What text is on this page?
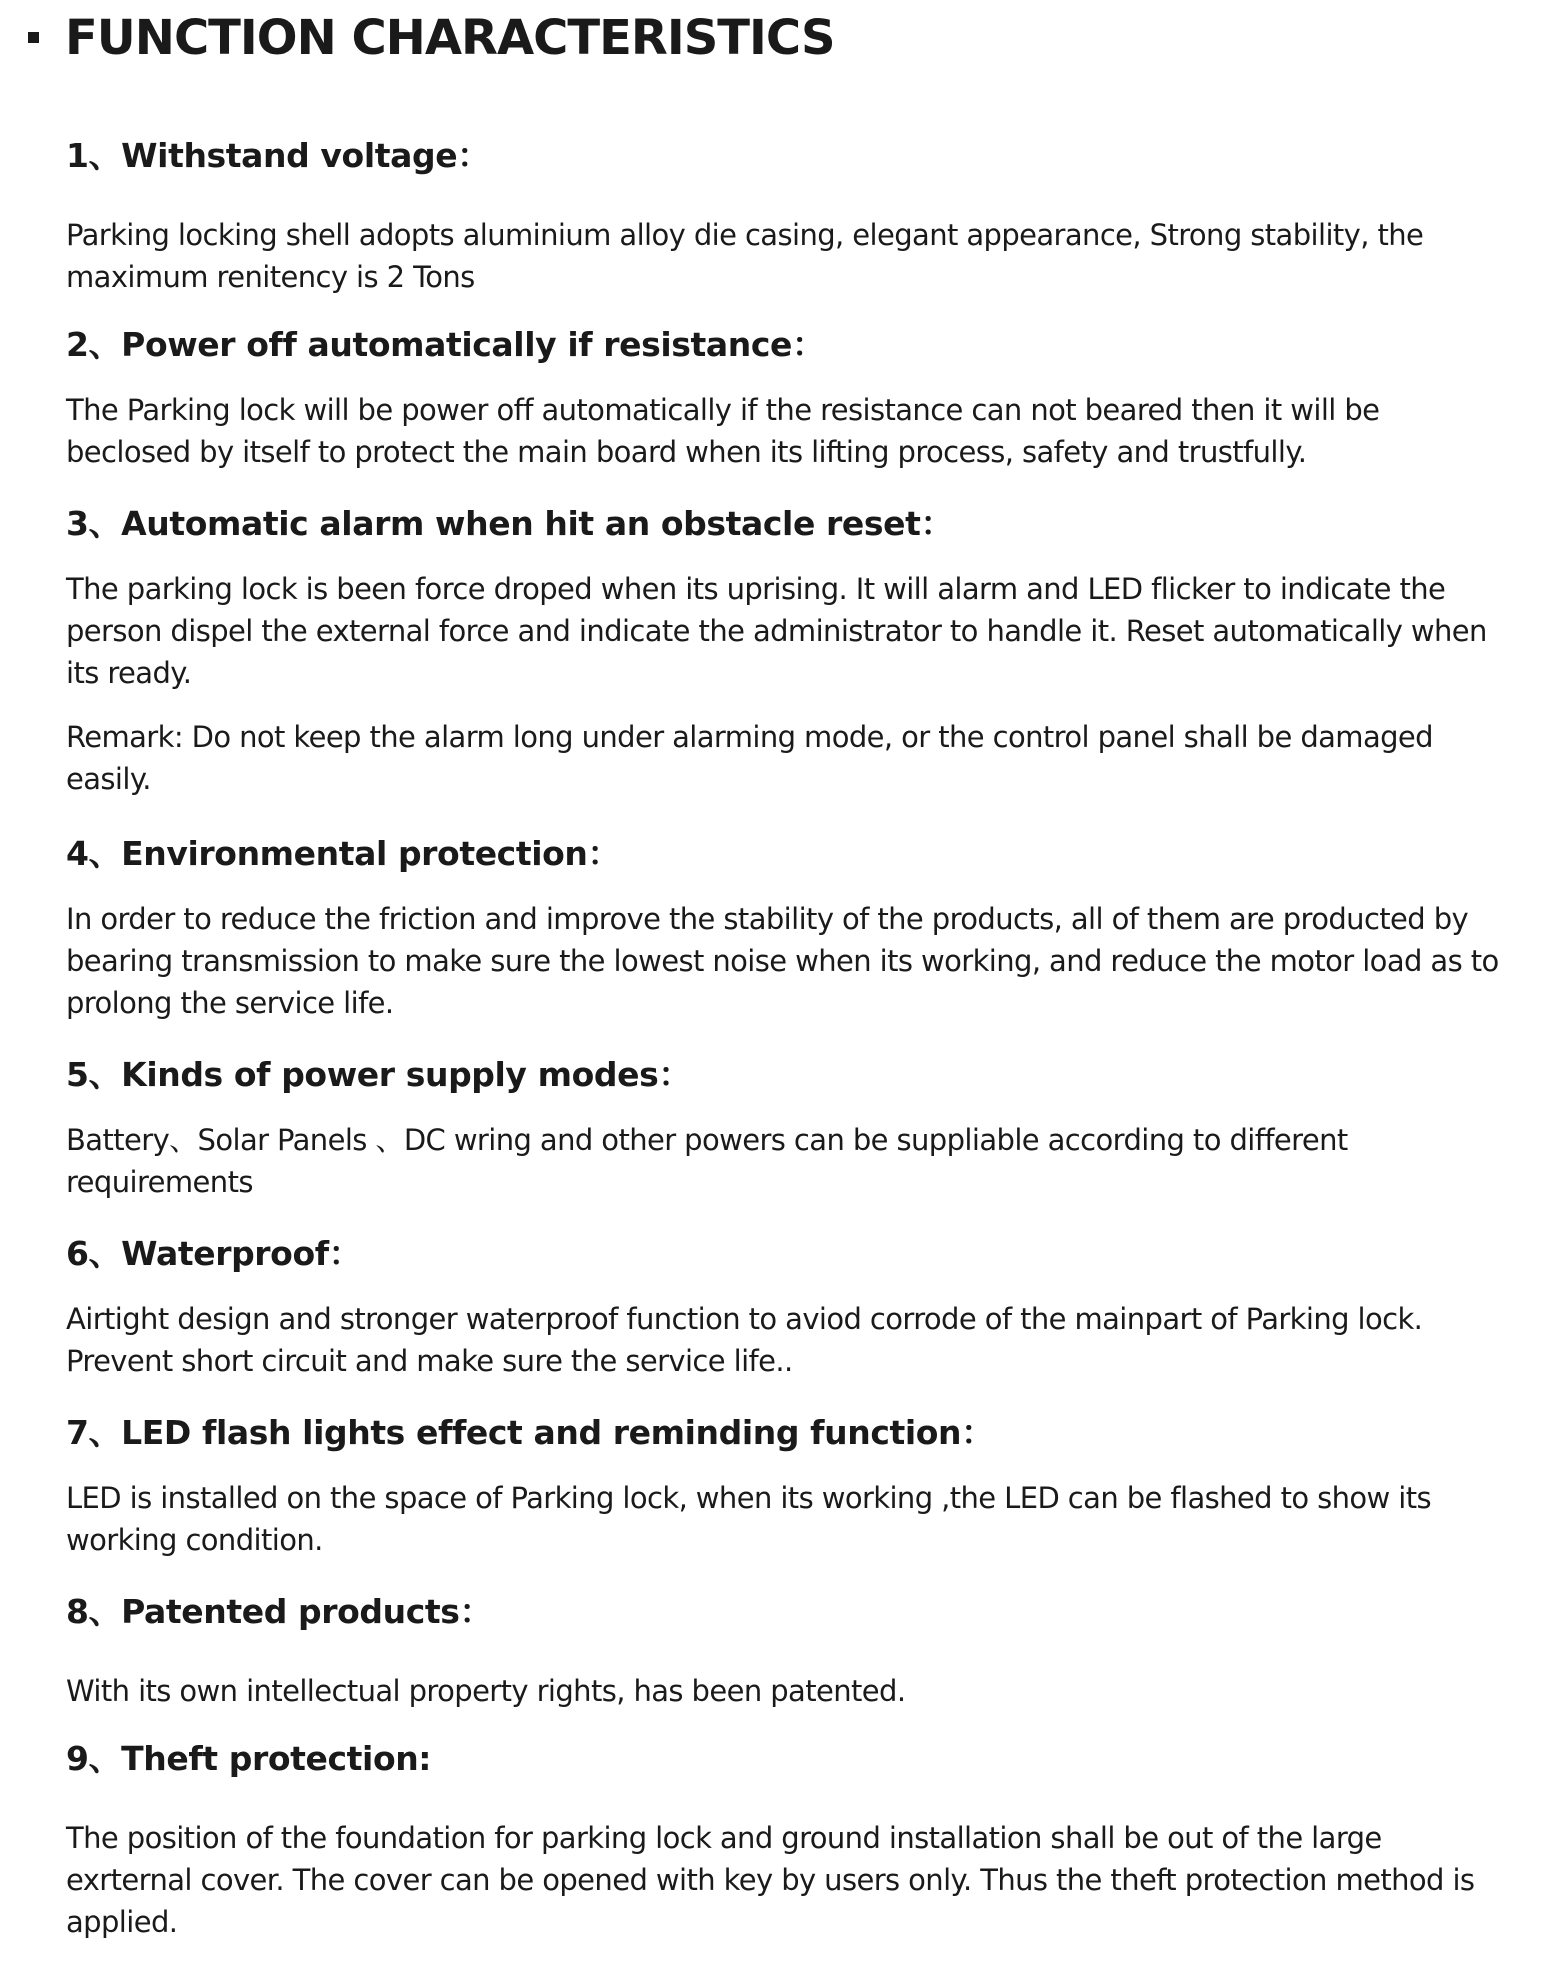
FUNCTION CHARACTERISTICS
1、Withstand voltage：

Parking locking shell adopts aluminium alloy die casing, elegant appearance, Strong stability, the maximum renitency is 2 Tons

2、Power off automatically if resistance：

The Parking lock will be power off automatically if the resistance can not beared then it will be beclosed by itself to protect the main board when its lifting process, safety and trustfully.

3、Automatic alarm when hit an obstacle reset：

The parking lock is been force droped when its uprising. It will alarm and LED flicker to indicate the person dispel the external force and indicate the administrator to handle it. Reset automatically when its ready.

Remark: Do not keep the alarm long under alarming mode, or the control panel shall be damaged easily.

4、Environmental protection：

In order to reduce the friction and improve the stability of the products, all of them are producted by bearing transmission to make sure the lowest noise when its working, and reduce the motor load as to prolong the service life.

5、Kinds of power supply modes：

Battery、Solar Panels 、DC wring and other powers can be suppliable according to different requirements

6、Waterproof：

Airtight design and stronger waterproof function to aviod corrode of the mainpart of Parking lock. Prevent short circuit and make sure the service life..

7、LED flash lights effect and reminding function：

LED is installed on the space of Parking lock, when its working ,the LED can be flashed to show its working condition.

8、Patented products：

With its own intellectual property rights, has been patented.

9、Theft protection:

The position of the foundation for parking lock and ground installation shall be out of the large exrternal cover. The cover can be opened with key by users only. Thus the theft protection method is applied.
